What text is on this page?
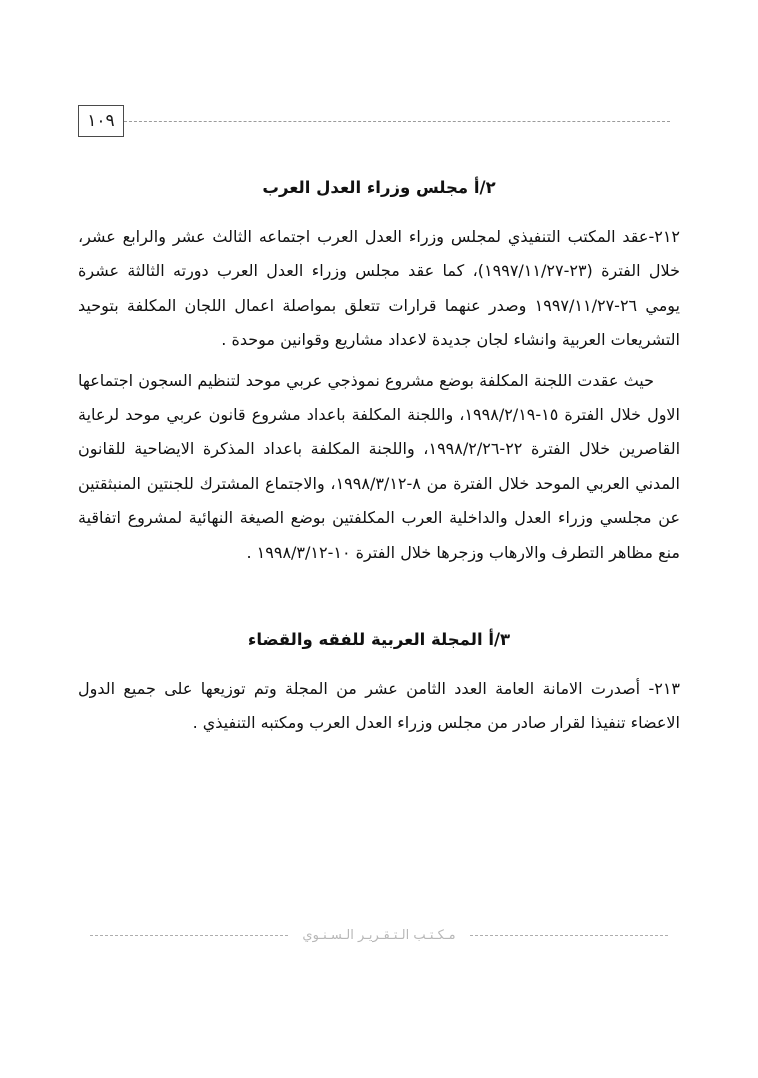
١٠٩
٢/أ مجلس وزراء العدل العرب

٢١٢-عقد المكتب التنفيذي لمجلس وزراء العدل العرب اجتماعه الثالث عشر والرابع عشر، خلال الفترة (٢٣-١٩٩٧/١١/٢٧)، كما عقد مجلس وزراء العدل العرب دورته الثالثة عشرة يومي ٢٦-١٩٩٧/١١/٢٧ وصدر عنهما قرارات تتعلق بمواصلة اعمال اللجان المكلفة بتوحيد التشريعات العربية وانشاء لجان جديدة لاعداد مشاريع وقوانين موحدة .

حيث عقدت اللجنة المكلفة بوضع مشروع نموذجي عربي موحد لتنظيم السجون اجتماعها الاول خلال الفترة ١٥-١٩٩٨/٢/١٩، واللجنة المكلفة باعداد مشروع قانون عربي موحد لرعاية القاصرين خلال الفترة ٢٢-١٩٩٨/٢/٢٦، واللجنة المكلفة باعداد المذكرة الايضاحية للقانون المدني العربي الموحد خلال الفترة من ٨-١٩٩٨/٣/١٢، والاجتماع المشترك للجنتين المنبثقتين عن مجلسي وزراء العدل والداخلية العرب المكلفتين بوضع الصيغة النهائية لمشروع اتفاقية منع مظاهر التطرف والارهاب وزجرها خلال الفترة ١٠-١٩٩٨/٣/١٢ .

٣/أ المجلة العربية للفقه والقضاء

٢١٣- أصدرت الامانة العامة العدد الثامن عشر من المجلة وتم توزيعها على جميع الدول الاعضاء تنفيذا لقرار صادر من مجلس وزراء العدل العرب ومكتبه التنفيذي .

مـكـتـب الـتـقـريـر الـسـنـوي
